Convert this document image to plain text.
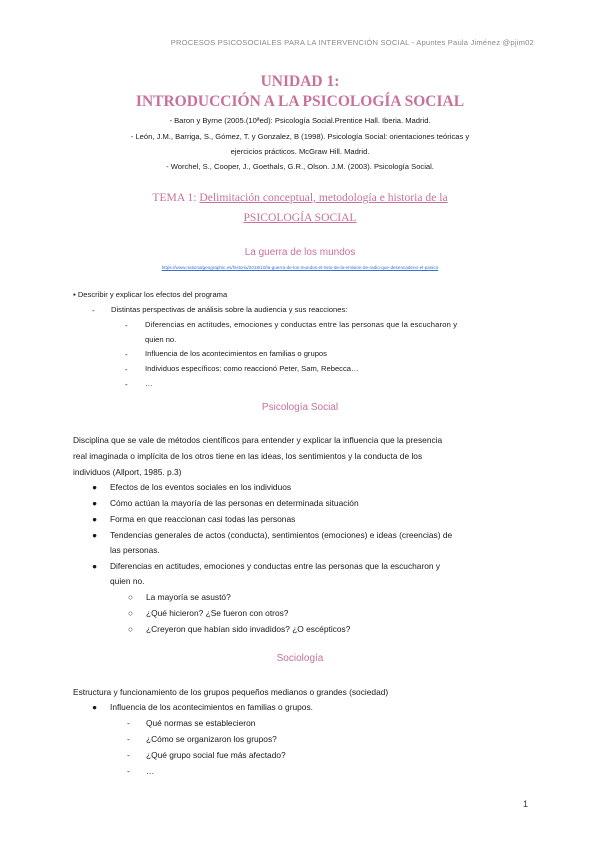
PROCESOS PSICOSOCIALES PARA LA INTERVENCIÓN SOCIAL - Apuntes Paula Jiménez @pjim02
UNIDAD 1:
INTRODUCCIÓN A LA PSICOLOGÍA SOCIAL
- Baron y Byrne (2005.(10ªed): Psicología Social.Prentice Hall. Iberia. Madrid.
- León, J.M., Barriga, S., Gómez, T. y Gonzalez, B (1998). Psicología Social: orientaciones teóricas y
ejercicios prácticos. McGraw Hill. Madrid.
- Worchel, S., Cooper, J., Goethals, G.R., Olson. J.M. (2003). Psicología Social.
TEMA 1: Delimitación conceptual, metodología e historia de la
PSICOLOGÍA SOCIAL
La guerra de los mundos
https://www.nationalgeographic.es/historia/2018/10/la-guerra-de-los-mundos-el-mito-de-la-emision-de-radio-que-desencadeno-el-panico
▪ Describir y explicar los efectos del programa
- Distintas perspectivas de análisis sobre la audiencia y sus reacciones:
- Diferencias en actitudes, emociones y conductas entre las personas que la escucharon y
quien no.
- Influencia de los acontecimientos en familias o grupos
- Individuos específicos: como reaccionó Peter, Sam, Rebecca…
- …
Psicología Social
Disciplina que se vale de métodos científicos para entender y explicar la influencia que la presencia
real imaginada o implícita de los otros tiene en las ideas, los sentimientos y la conducta de los
individuos (Allport, 1985. p.3)
● Efectos de los eventos sociales en los individuos
● Cómo actúan la mayoría de las personas en determinada situación
● Forma en que reaccionan casi todas las personas
● Tendencias generales de actos (conducta), sentimientos (emociones) e ideas (creencias) de
las personas.
● Diferencias en actitudes, emociones y conductas entre las personas que la escucharon y
quien no.
○ La mayoría se asustó?
○ ¿Qué hicieron? ¿Se fueron con otros?
○ ¿Creyeron que habían sido invadidos? ¿O escépticos?
Sociología
Estructura y funcionamiento de los grupos pequeños medianos o grandes (sociedad)
● Influencia de los acontecimientos en familias o grupos.
- Qué normas se establecieron
- ¿Cómo se organizaron los grupos?
- ¿Qué grupo social fue más afectado?
- …
1
